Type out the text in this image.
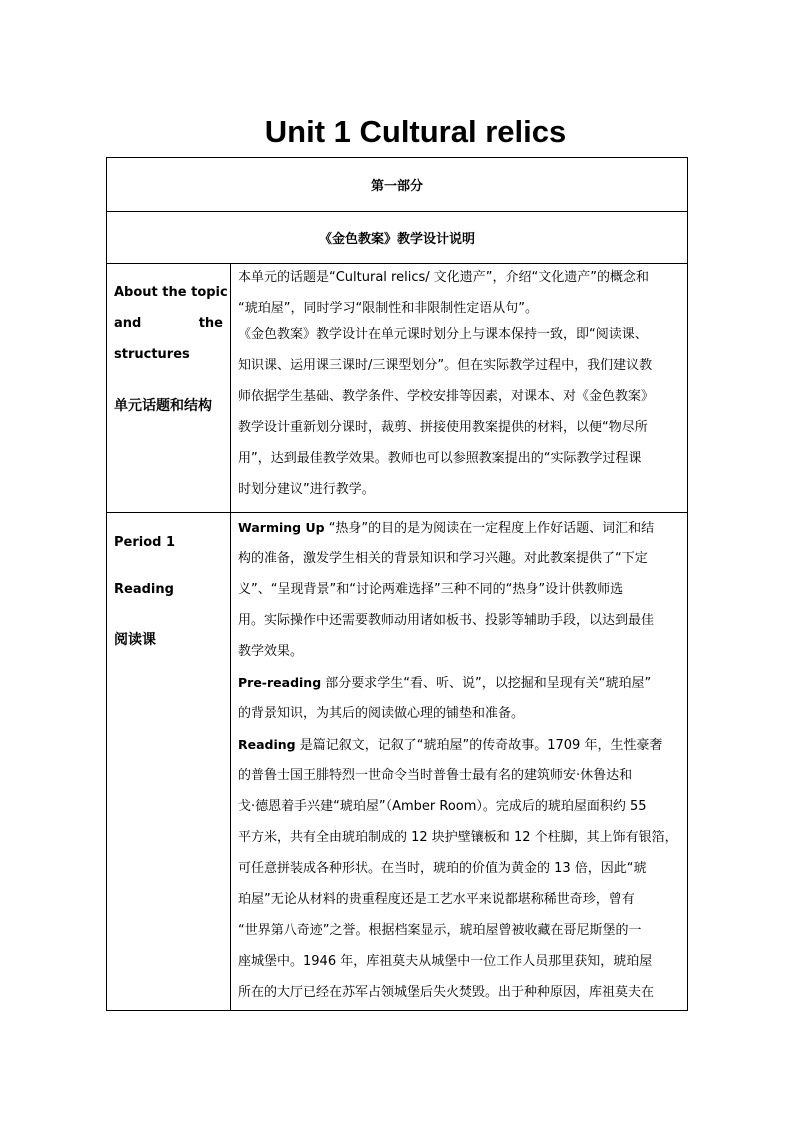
Unit 1 Cultural relics
第一部分
《金色教案》教学设计说明
About the topic
and	the
structures
单元话题和结构
本单元的话题是“Cultural relics/ 文化遗产”，介绍“文化遗产”的概念和
“琥珀屋”，同时学习“限制性和非限制性定语从句”。
《金色教案》教学设计在单元课时划分上与课本保持一致，即“阅读课、
知识课、运用课三课时/三课型划分”。但在实际教学过程中，我们建议教
师依据学生基础、教学条件、学校安排等因素，对课本、对《金色教案》
教学设计重新划分课时，裁剪、拼接使用教案提供的材料，以便“物尽所
用”，达到最佳教学效果。教师也可以参照教案提出的“实际教学过程课
时划分建议”进行教学。
Period 1
Reading
阅读课
Warming Up “热身”的目的是为阅读在一定程度上作好话题、词汇和结
构的准备，激发学生相关的背景知识和学习兴趣。对此教案提供了“下定
义”、“呈现背景”和“讨论两难选择”三种不同的“热身”设计供教师选
用。实际操作中还需要教师动用诸如板书、投影等辅助手段，以达到最佳
教学效果。
Pre-reading 部分要求学生“看、听、说”，以挖掘和呈现有关“琥珀屋”
的背景知识，为其后的阅读做心理的铺垫和准备。
Reading 是篇记叙文，记叙了“琥珀屋”的传奇故事。1709 年，生性豪奢
的普鲁士国王腓特烈一世命令当时普鲁士最有名的建筑师安·休鲁达和
戈·德恩着手兴建“琥珀屋”（Amber Room）。完成后的琥珀屋面积约 55
平方米，共有全由琥珀制成的 12 块护壁镶板和 12 个柱脚，其上饰有银箔，
可任意拼装成各种形状。在当时，琥珀的价值为黄金的 13 倍，因此“琥
珀屋”无论从材料的贵重程度还是工艺水平来说都堪称稀世奇珍，曾有
“世界第八奇迹”之誉。根据档案显示，琥珀屋曾被收藏在哥尼斯堡的一
座城堡中。1946 年，库祖莫夫从城堡中一位工作人员那里获知，琥珀屋
所在的大厅已经在苏军占领城堡后失火焚毁。出于种种原因，库祖莫夫在
